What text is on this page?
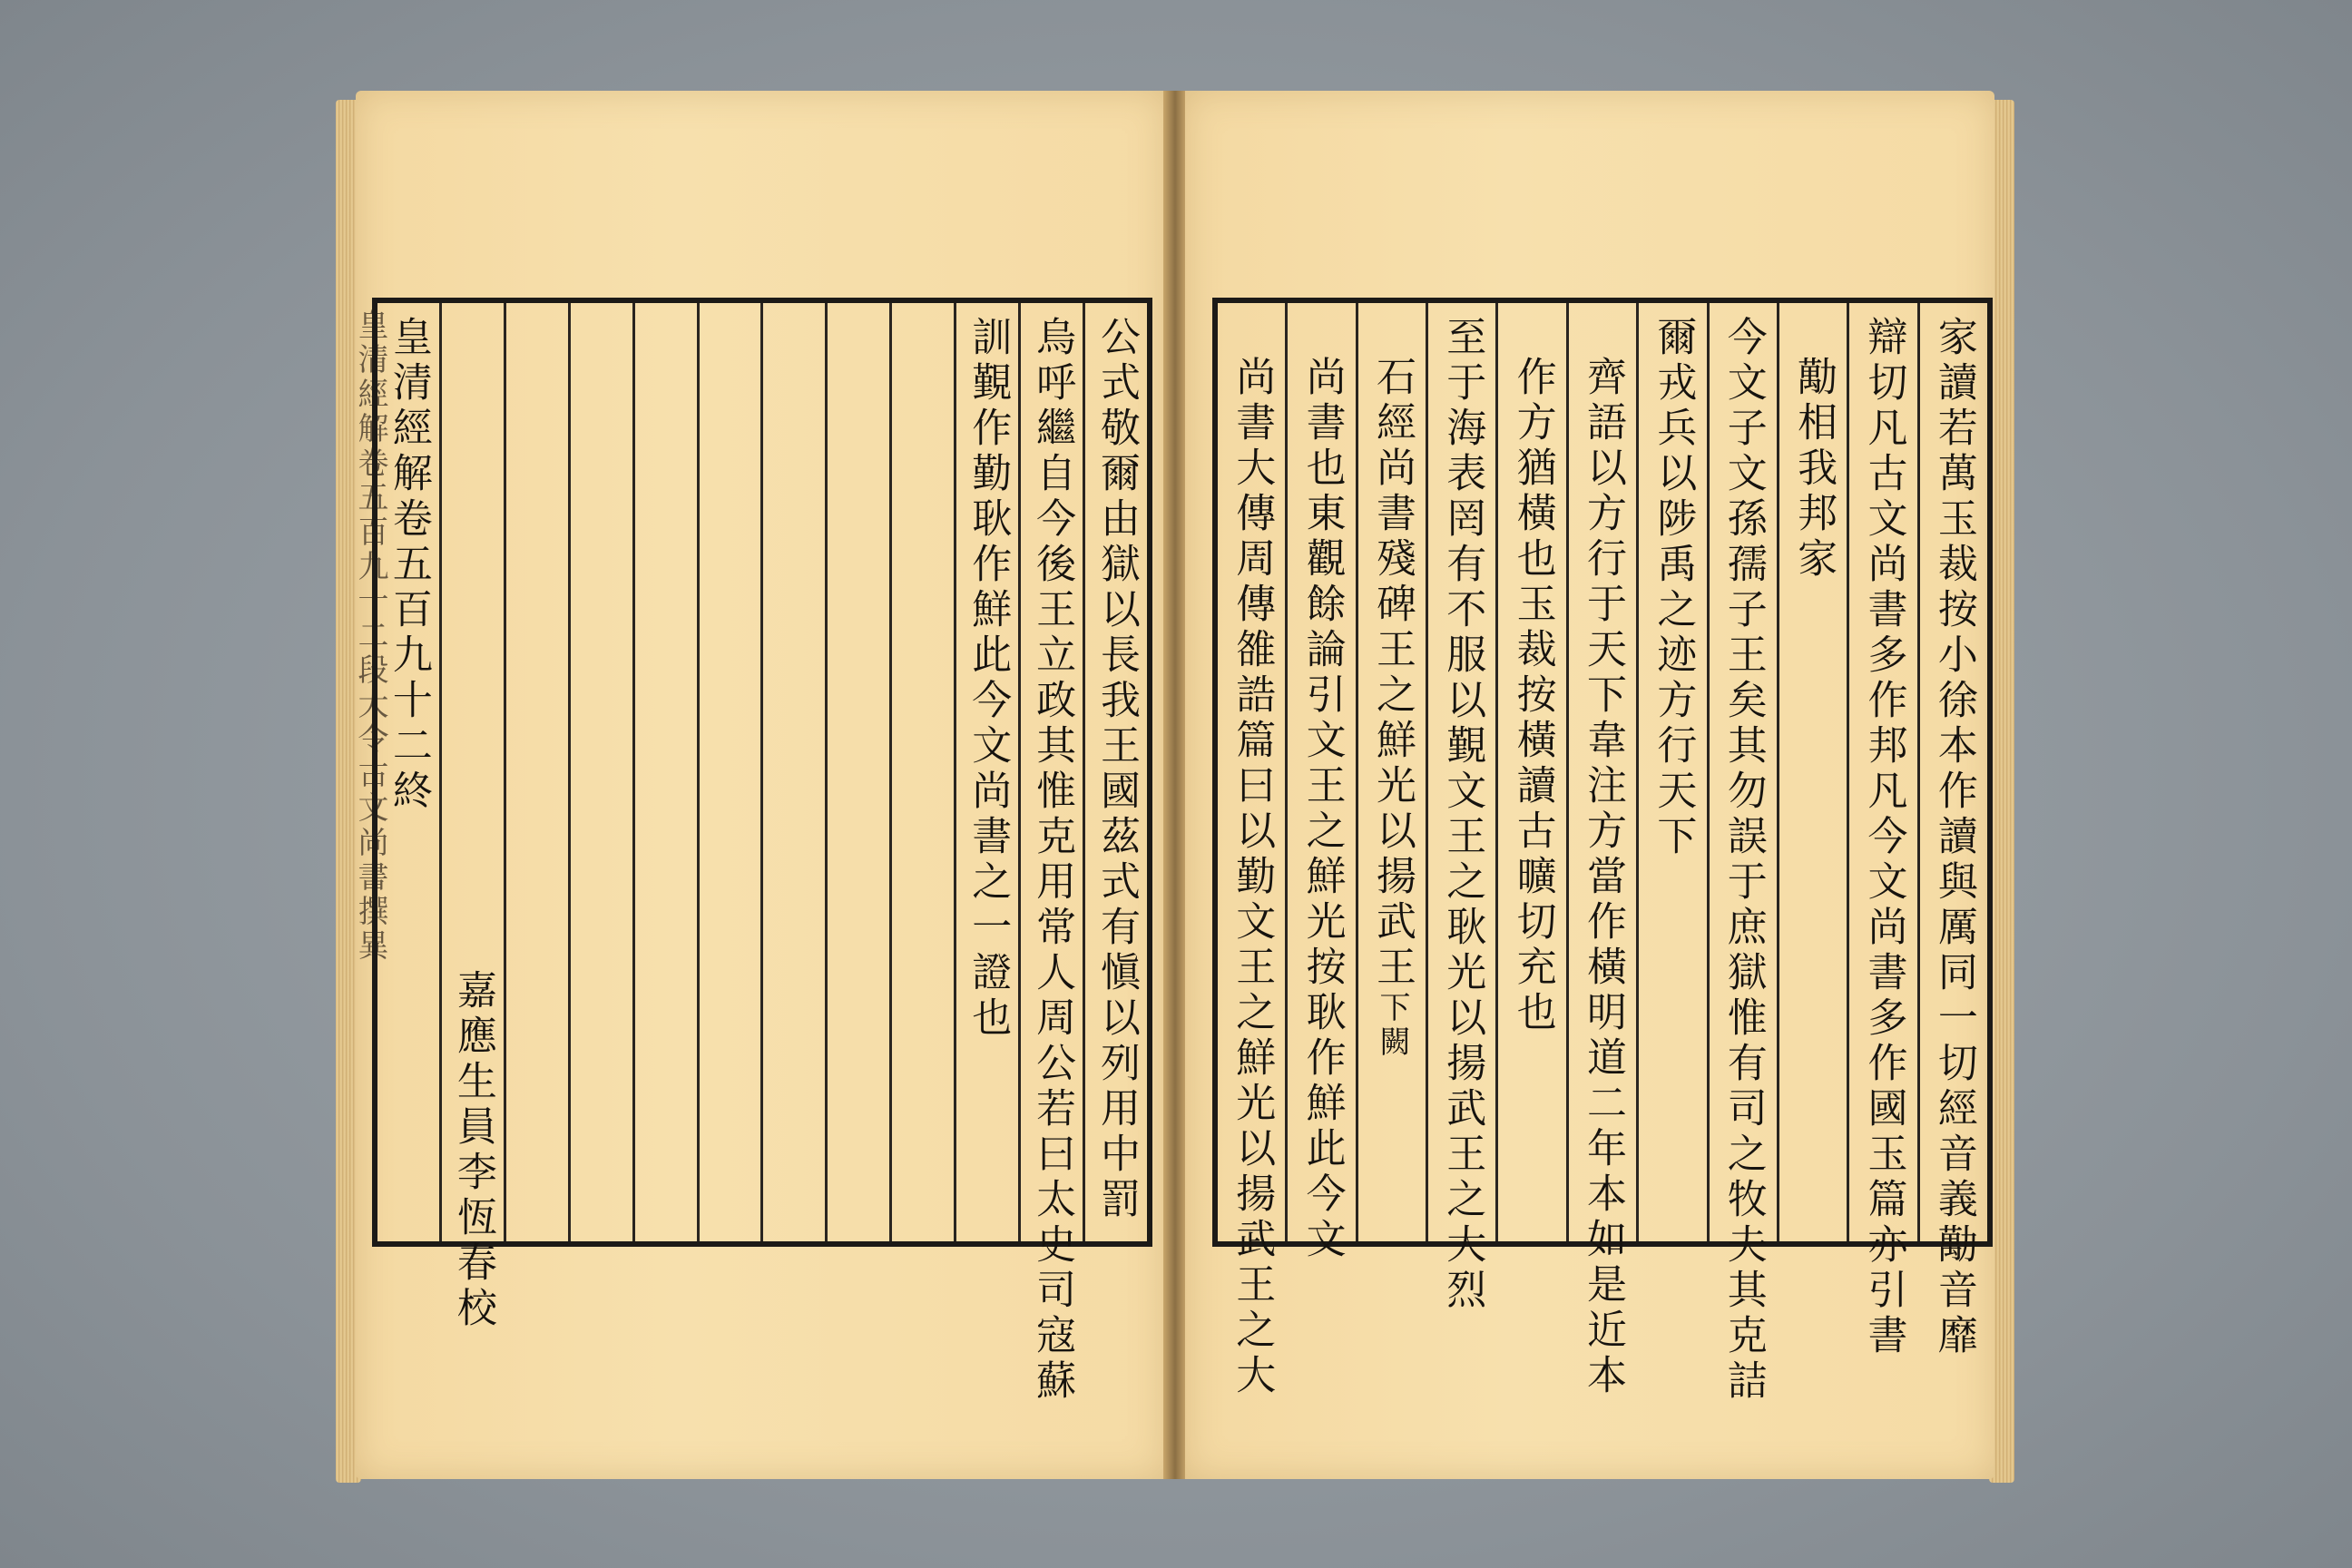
皇清經解卷五百九十二段大令古文尚書撰異	公式敬爾由獄以長我王國茲式有愼以列用中罰
烏呼繼自今後王立政其惟克用常人周公若曰太史司寇蘇
訓覲作勤耿作鮮此今文尚書之一證也
嘉應生員李恆春校
皇清經解卷五百九十二終	家讀若萬玉裁按小徐本作讀與厲同一切經音義勱音靡
辯切凡古文尚書多作邦凡今文尚書多作國玉篇亦引書
勱相我邦家
今文子文孫孺子王矣其勿誤于庶獄惟有司之牧夫其克詰
爾戎兵以陟禹之迹方行天下
齊語以方行于天下韋注方當作橫明道二年本如是近本
作方猶橫也玉裁按橫讀古曠切充也
至于海表罔有不服以覲文王之耿光以揚武王之大烈
石經尚書殘碑王之鮮光以揚武王
下闕
尚書也東觀餘論引文王之鮮光
按耿作鮮此今文
尚書大傳周傳雒誥篇曰以勤文王之鮮光以揚武王之大
